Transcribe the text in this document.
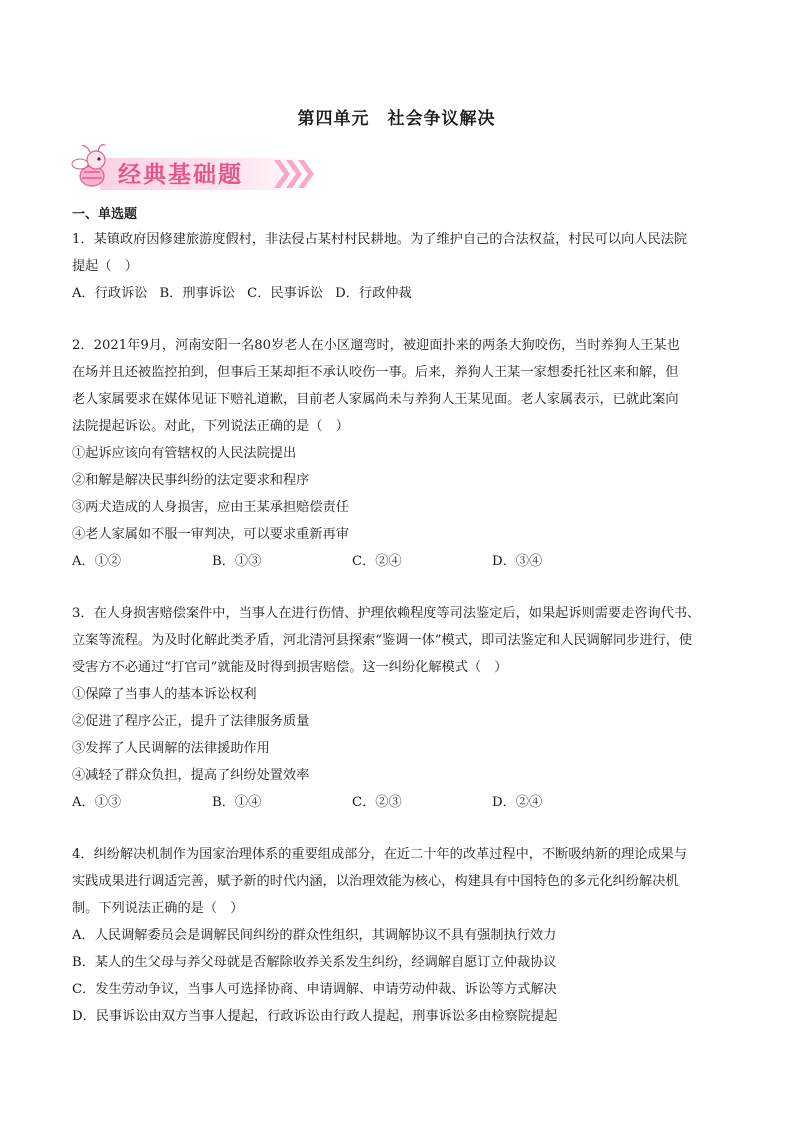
第四单元　社会争议解决
经典基础题
一、单选题
1．某镇政府因修建旅游度假村，非法侵占某村村民耕地。为了维护自己的合法权益，村民可以向人民法院
提起（　）
A．行政诉讼 B．刑事诉讼 C．民事诉讼 D．行政仲裁
2．2021年9月，河南安阳一名80岁老人在小区遛弯时，被迎面扑来的两条大狗咬伤，当时养狗人王某也
在场并且还被监控拍到，但事后王某却拒不承认咬伤一事。后来，养狗人王某一家想委托社区来和解，但
老人家属要求在媒体见证下赔礼道歉，目前老人家属尚未与养狗人王某见面。老人家属表示，已就此案向
法院提起诉讼。对此，下列说法正确的是（　）
①起诉应该向有管辖权的人民法院提出
②和解是解决民事纠纷的法定要求和程序
③两犬造成的人身损害，应由王某承担赔偿责任
④老人家属如不服一审判决，可以要求重新再审
A．①②	B．①③	C．②④	D．③④
3．在人身损害赔偿案件中，当事人在进行伤情、护理依赖程度等司法鉴定后，如果起诉则需要走咨询代书、
立案等流程。为及时化解此类矛盾，河北清河县探索“鉴调一体”模式，即司法鉴定和人民调解同步进行，使
受害方不必通过“打官司”就能及时得到损害赔偿。这一纠纷化解模式（　）
①保障了当事人的基本诉讼权利
②促进了程序公正，提升了法律服务质量
③发挥了人民调解的法律援助作用
④减轻了群众负担，提高了纠纷处置效率
A．①③	B．①④	C．②③	D．②④
4．纠纷解决机制作为国家治理体系的重要组成部分，在近二十年的改革过程中，不断吸纳新的理论成果与
实践成果进行调适完善，赋予新的时代内涵，以治理效能为核心，构建具有中国特色的多元化纠纷解决机
制。下列说法正确的是（　）
A．人民调解委员会是调解民间纠纷的群众性组织，其调解协议不具有强制执行效力
B．某人的生父母与养父母就是否解除收养关系发生纠纷，经调解自愿订立仲裁协议
C．发生劳动争议，当事人可选择协商、申请调解、申请劳动仲裁、诉讼等方式解决
D．民事诉讼由双方当事人提起，行政诉讼由行政人提起，刑事诉讼多由检察院提起
